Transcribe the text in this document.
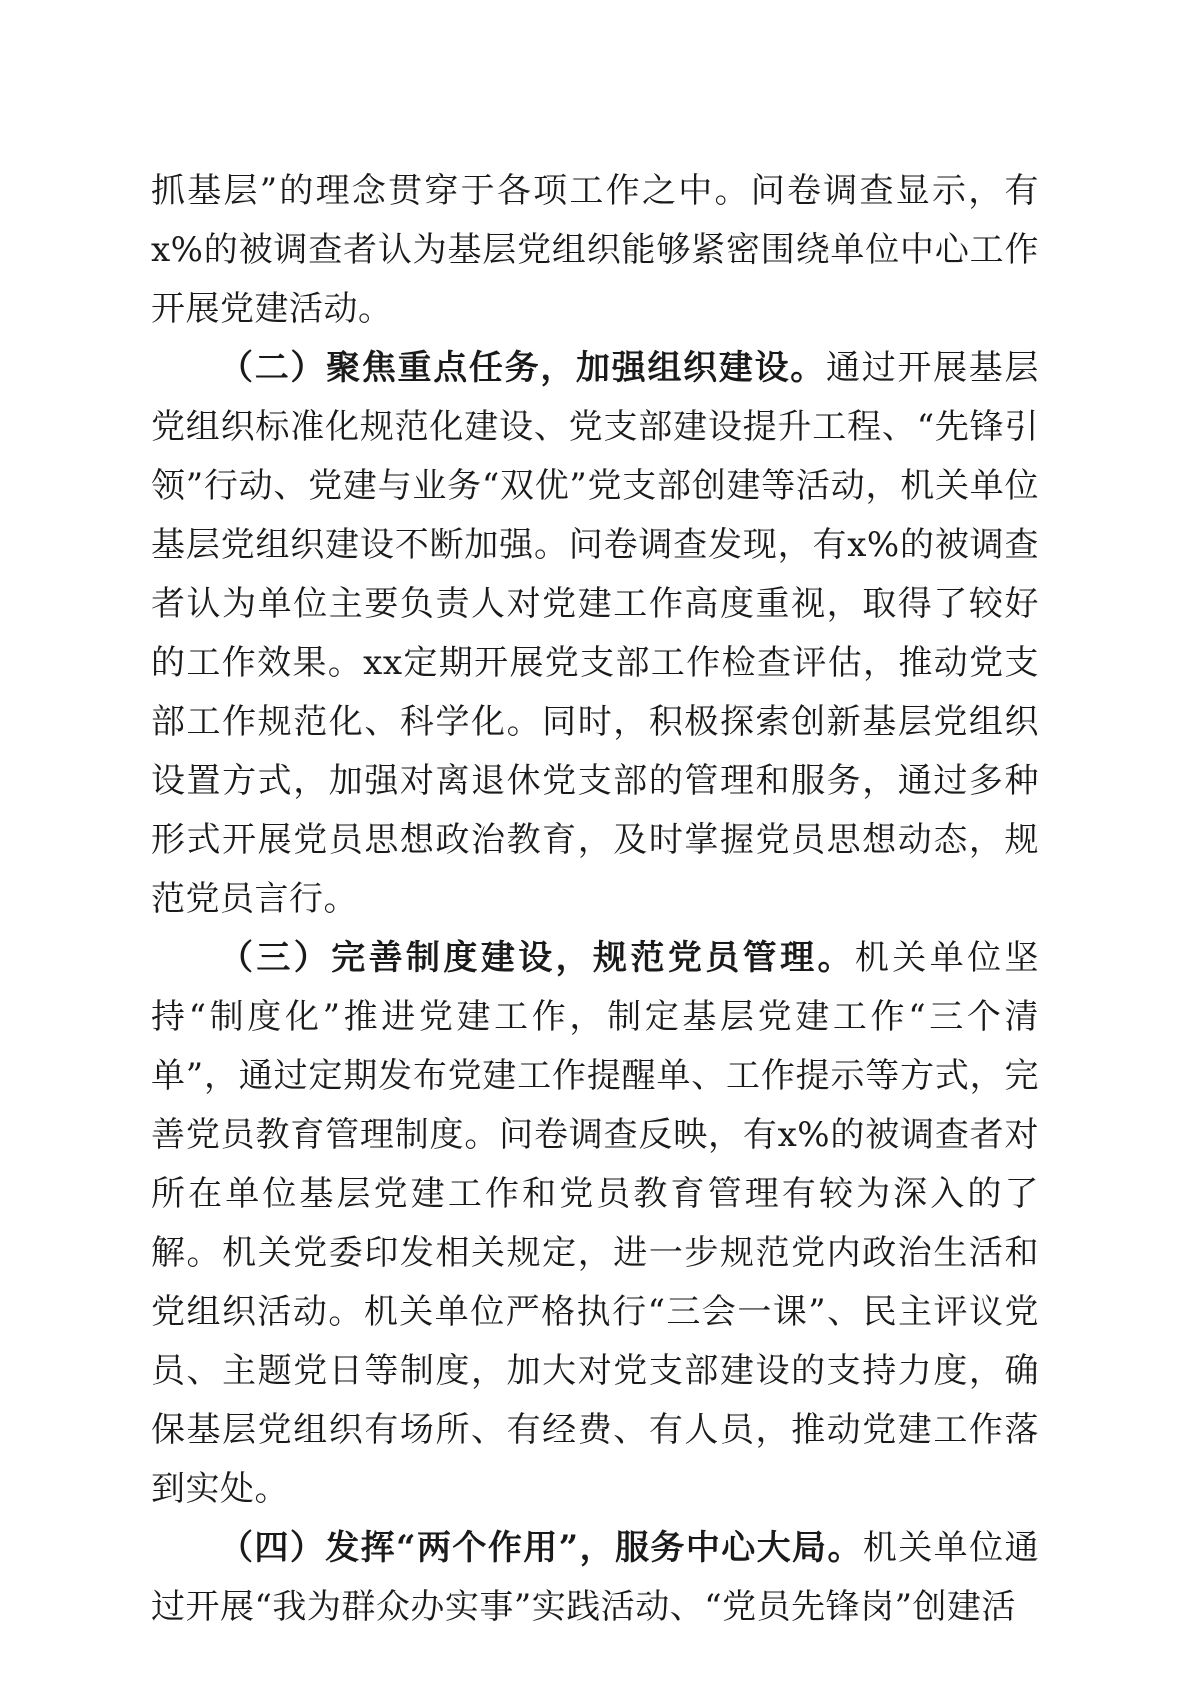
抓基层”的理念贯穿于各项工作之中。问卷调查显示，有x%的被调查者认为基层党组织能够紧密围绕单位中心工作开展党建活动。

（二）聚焦重点任务，加强组织建设。通过开展基层党组织标准化规范化建设、党支部建设提升工程、“先锋引领”行动、党建与业务“双优”党支部创建等活动，机关单位基层党组织建设不断加强。问卷调查发现，有x%的被调查者认为单位主要负责人对党建工作高度重视，取得了较好的工作效果。xx定期开展党支部工作检查评估，推动党支部工作规范化、科学化。同时，积极探索创新基层党组织设置方式，加强对离退休党支部的管理和服务，通过多种形式开展党员思想政治教育，及时掌握党员思想动态，规范党员言行。

（三）完善制度建设，规范党员管理。机关单位坚持“制度化”推进党建工作，制定基层党建工作“三个清单”，通过定期发布党建工作提醒单、工作提示等方式，完善党员教育管理制度。问卷调查反映，有x%的被调查者对所在单位基层党建工作和党员教育管理有较为深入的了解。机关党委印发相关规定，进一步规范党内政治生活和党组织活动。机关单位严格执行“三会一课”、民主评议党员、主题党日等制度，加大对党支部建设的支持力度，确保基层党组织有场所、有经费、有人员，推动党建工作落到实处。

（四）发挥“两个作用”，服务中心大局。机关单位通过开展“我为群众办实事”实践活动、“党员先锋岗”创建活
